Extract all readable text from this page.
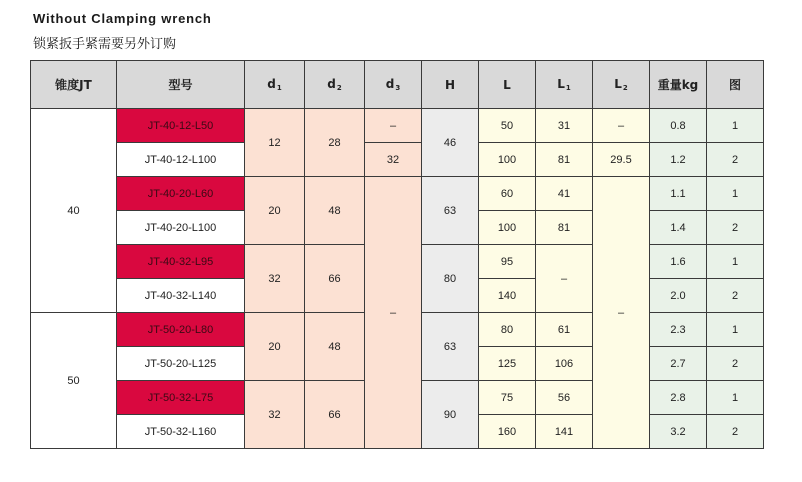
Without Clamping wrench
锁紧扳手紧需要另外订购
锥度JT	型号	$d_1$	$d_2$	$d_3$	H	L	$L_1$	$L_2$	重量kg	图
40	JT-40-12-L50	12	28	–	46	50	31	–	0.8	1
	JT-40-12-L100			32		100	81	29.5	1.2	2
	JT-40-20-L60	20	48	–	63	60	41	–	1.1	1
	JT-40-20-L100					100	81		1.4	2
	JT-40-32-L95	32	66		80	95	–		1.6	1
	JT-40-32-L140					140			2.0	2
50	JT-50-20-L80	20	48		63	80	61		2.3	1
	JT-50-20-L125					125	106		2.7	2
	JT-50-32-L75	32	66		90	75	56		2.8	1
	JT-50-32-L160					160	141		3.2	2
